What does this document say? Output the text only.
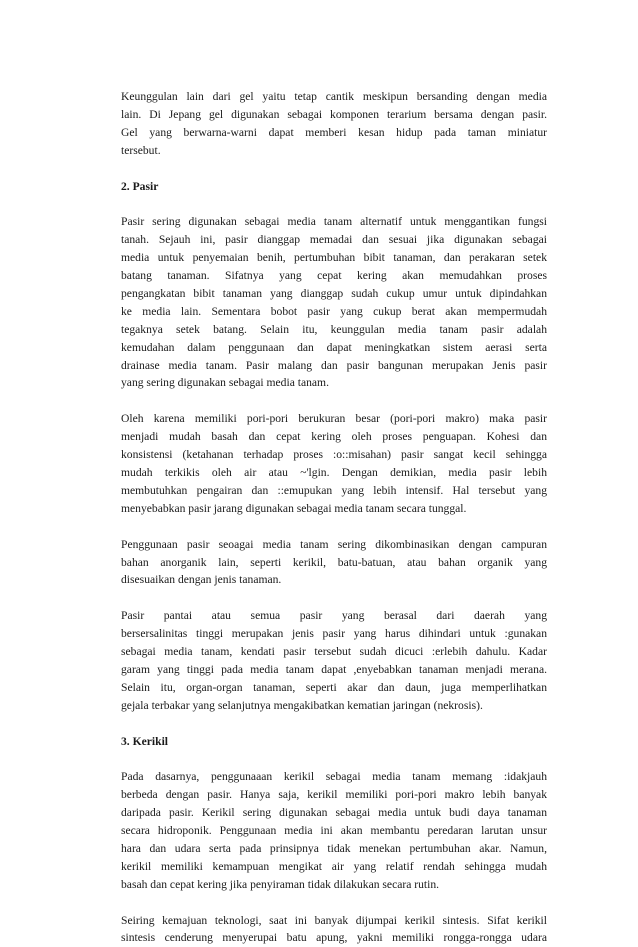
Keunggulan lain dari gel yaitu tetap cantik meskipun bersanding dengan media
lain. Di Jepang gel digunakan sebagai komponen terarium bersama dengan pasir.
Gel yang berwarna-warni dapat memberi kesan hidup pada taman miniatur
tersebut.

2. Pasir

Pasir sering digunakan sebagai media tanam alternatif untuk menggantikan fungsi
tanah. Sejauh ini, pasir dianggap memadai dan sesuai jika digunakan sebagai
media untuk penyemaian benih, pertumbuhan bibit tanaman, dan perakaran setek
batang tanaman. Sifatnya yang cepat kering akan memudahkan proses
pengangkatan bibit tanaman yang dianggap sudah cukup umur untuk dipindahkan
ke media lain. Sementara bobot pasir yang cukup berat akan mempermudah
tegaknya setek batang. Selain itu, keunggulan media tanam pasir adalah
kemudahan dalam penggunaan dan dapat meningkatkan sistem aerasi serta
drainase media tanam. Pasir malang dan pasir bangunan merupakan Jenis pasir
yang sering digunakan sebagai media tanam.

Oleh karena memiliki pori-pori berukuran besar (pori-pori makro) maka pasir
menjadi mudah basah dan cepat kering oleh proses penguapan. Kohesi dan
konsistensi (ketahanan terhadap proses :o::misahan) pasir sangat kecil sehingga
mudah terkikis oleh air atau ~'lgin. Dengan demikian, media pasir lebih
membutuhkan pengairan dan ::emupukan yang lebih intensif. Hal tersebut yang
menyebabkan pasir jarang digunakan sebagai media tanam secara tunggal.

Penggunaan pasir seoagai media tanam sering dikombinasikan dengan campuran
bahan anorganik lain, seperti kerikil, batu-batuan, atau bahan organik yang
disesuaikan dengan jenis tanaman.

Pasir pantai atau semua pasir yang berasal dari daerah yang
bersersalinitas tinggi merupakan jenis pasir yang harus dihindari untuk :gunakan
sebagai media tanam, kendati pasir tersebut sudah dicuci :erlebih dahulu. Kadar
garam yang tinggi pada media tanam dapat ,enyebabkan tanaman menjadi merana.
Selain itu, organ-organ tanaman, seperti akar dan daun, juga memperlihatkan
gejala terbakar yang selanjutnya mengakibatkan kematian jaringan (nekrosis).

3. Kerikil

Pada dasarnya, penggunaaan kerikil sebagai media tanam memang :idakjauh
berbeda dengan pasir. Hanya saja, kerikil memiliki pori-pori makro lebih banyak
daripada pasir. Kerikil sering digunakan sebagai media untuk budi daya tanaman
secara hidroponik. Penggunaan media ini akan membantu peredaran larutan unsur
hara dan udara serta pada prinsipnya tidak menekan pertumbuhan akar. Namun,
kerikil memiliki kemampuan mengikat air yang relatif rendah sehingga mudah
basah dan cepat kering jika penyiraman tidak dilakukan secara rutin.

Seiring kemajuan teknologi, saat ini banyak dijumpai kerikil sintesis. Sifat kerikil
sintesis cenderung menyerupai batu apung, yakni memiliki rongga-rongga udara
